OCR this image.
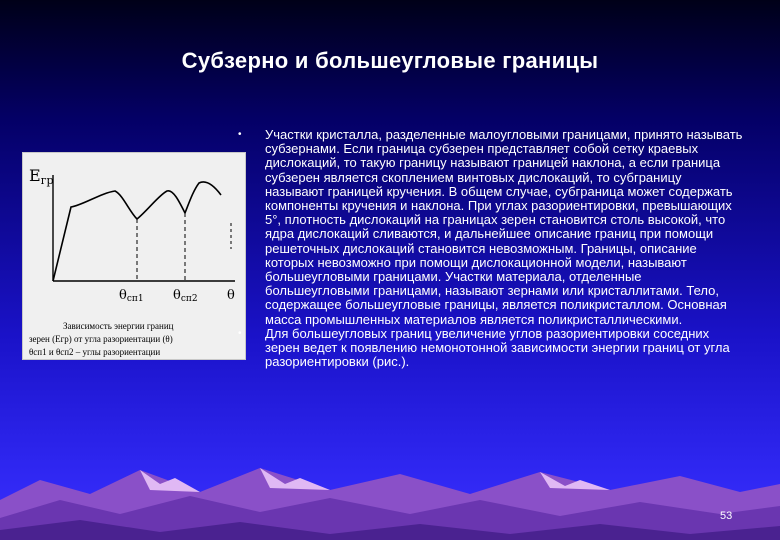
Субзерно и большеугловые границы
Eгр
θсп1 θсп2 θ
Зависимость энергии границ
зерен (Егр) от угла разориентации (θ)
θсп1 и θсп2 – углы разориентации

• Участки кристалла, разделенные малоугловыми границами, принято называть субзернами. Если граница субзерен представляет собой сетку краевых дислокаций, то такую границу называют границей наклона, а если граница субзерен является скоплением винтовых дислокаций, то субграницу называют границей кручения. В общем случае, субграница может содержать компоненты кручения и наклона. При углах разориентировки, превышающих 5°, плотность дислокаций на границах зерен становится столь высокой, что ядра дислокаций сливаются, и дальнейшее описание границ при помощи решеточных дислокаций становится невозможным. Границы, описание которых невозможно при помощи дислокационной модели, называют большеугловыми границами. Участки материала, отделенные большеугловыми границами, называют зернами или кристаллитами. Тело, содержащее большеугловые границы, является поликристаллом. Основная масса промышленных материалов является поликристаллическими.

• Для большеугловых границ увеличение углов разориентировки соседних зерен ведет к появлению немонотонной зависимости энергии границ от угла разориентировки (рис.).

53
